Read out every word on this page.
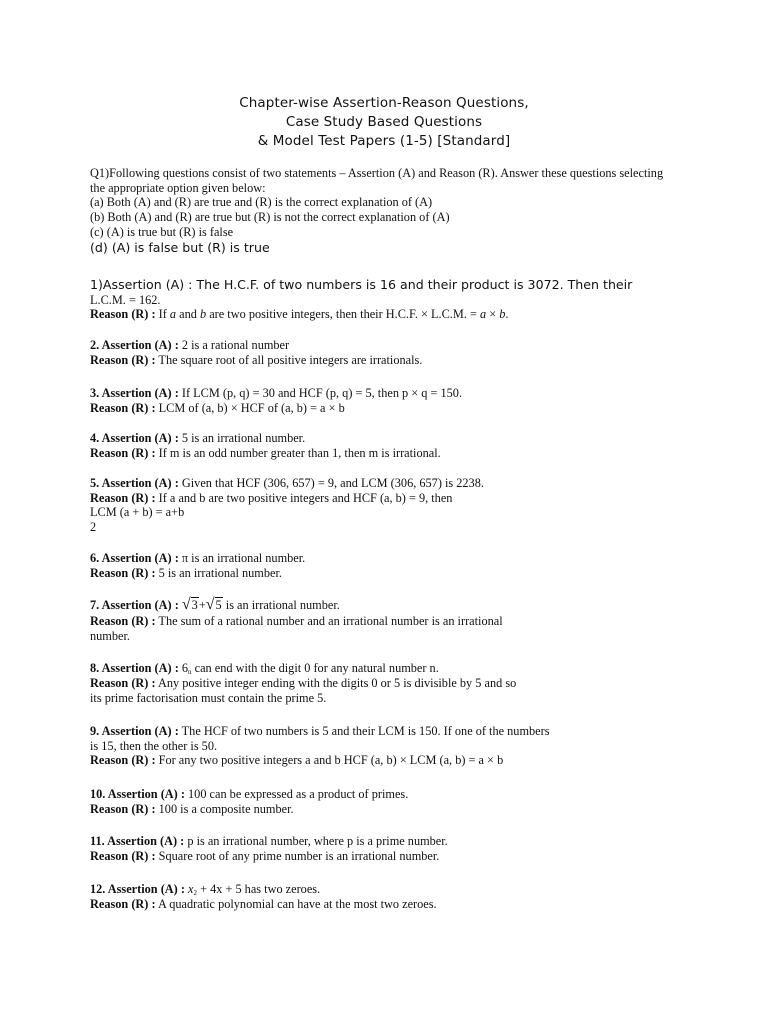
Chapter-wise Assertion-Reason Questions,
Case Study Based Questions
& Model Test Papers (1-5) [Standard]
Q1)Following questions consist of two statements – Assertion (A) and Reason (R). Answer these questions selecting
the appropriate option given below:
(a) Both (A) and (R) are true and (R) is the correct explanation of (A)
(b) Both (A) and (R) are true but (R) is not the correct explanation of (A)
(c) (A) is true but (R) is false
(d) (A) is false but (R) is true
1)Assertion (A) : The H.C.F. of two numbers is 16 and their product is 3072. Then their
L.C.M. = 162.
Reason (R) : If a and b are two positive integers, then their H.C.F. × L.C.M. = a × b.
2. Assertion (A) : 2 is a rational number
Reason (R) : The square root of all positive integers are irrationals.
3. Assertion (A) : If LCM (p, q) = 30 and HCF (p, q) = 5, then p × q = 150.
Reason (R) : LCM of (a, b) × HCF of (a, b) = a × b
4. Assertion (A) : 5 is an irrational number.
Reason (R) : If m is an odd number greater than 1, then m is irrational.
5. Assertion (A) : Given that HCF (306, 657) = 9, and LCM (306, 657) is 2238.
Reason (R) : If a and b are two positive integers and HCF (a, b) = 9, then
LCM (a + b) = a+b
2
6. Assertion (A) : π is an irrational number.
Reason (R) : 5 is an irrational number.
7. Assertion (A) : √3+√5 is an irrational number.
Reason (R) : The sum of a rational number and an irrational number is an irrational
number.
8. Assertion (A) : $6_n$ can end with the digit 0 for any natural number n.
Reason (R) : Any positive integer ending with the digits 0 or 5 is divisible by 5 and so
its prime factorisation must contain the prime 5.
9. Assertion (A) : The HCF of two numbers is 5 and their LCM is 150. If one of the numbers
is 15, then the other is 50.
Reason (R) : For any two positive integers a and b HCF (a, b) × LCM (a, b) = a × b
10. Assertion (A) : 100 can be expressed as a product of primes.
Reason (R) : 100 is a composite number.
11. Assertion (A) : p is an irrational number, where p is a prime number.
Reason (R) : Square root of any prime number is an irrational number.
12. Assertion (A) : $x_2 + 4x + 5$ has two zeroes.
Reason (R) : A quadratic polynomial can have at the most two zeroes.
